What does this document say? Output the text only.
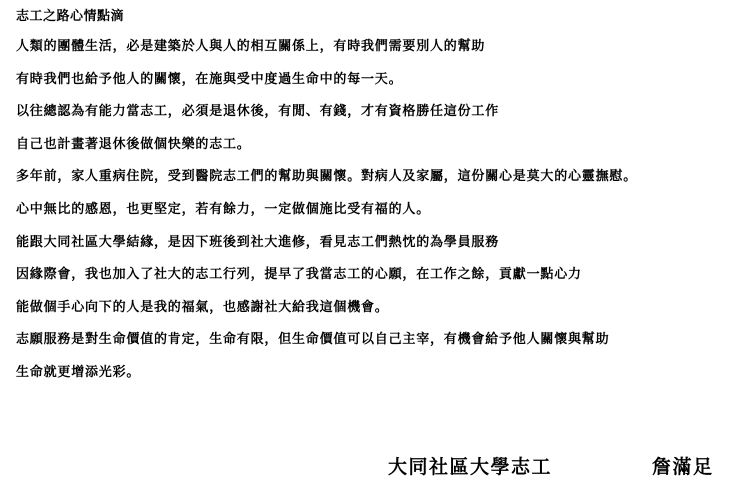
志工之路心情點滴
人類的團體生活，必是建築於人與人的相互關係上，有時我們需要別人的幫助
有時我們也給予他人的關懷，在施與受中度過生命中的每一天。
以往總認為有能力當志工，必須是退休後，有閒、有錢，才有資格勝任這份工作
自己也計畫著退休後做個快樂的志工。
多年前，家人重病住院，受到醫院志工們的幫助與關懷。對病人及家屬，這份關心是莫大的心靈撫慰。
心中無比的感恩，也更堅定，若有餘力，一定做個施比受有福的人。
能跟大同社區大學結緣，是因下班後到社大進修，看見志工們熱忱的為學員服務
因緣際會，我也加入了社大的志工行列，提早了我當志工的心願，在工作之餘，貢獻一點心力
能做個手心向下的人是我的福氣，也感謝社大給我這個機會。
志願服務是對生命價值的肯定，生命有限，但生命價值可以自己主宰，有機會給予他人關懷與幫助
生命就更增添光彩。
大同社區大學志工	詹滿足
